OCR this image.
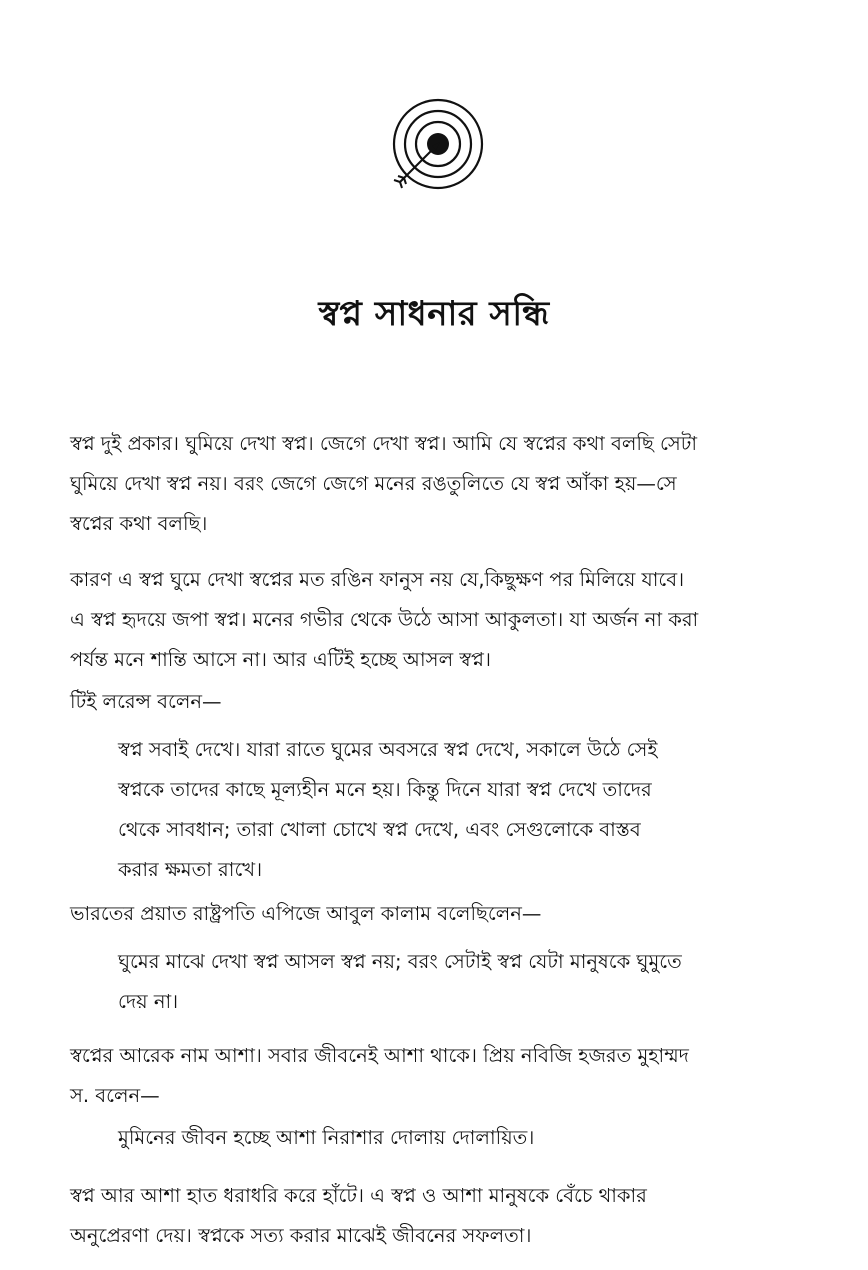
স্বপ্ন সাধনার সন্ধি

স্বপ্ন দুই প্রকার। ঘুমিয়ে দেখা স্বপ্ন। জেগে দেখা স্বপ্ন। আমি যে স্বপ্নের কথা বলছি সেটা
ঘুমিয়ে দেখা স্বপ্ন নয়। বরং জেগে জেগে মনের রঙতুলিতে যে স্বপ্ন আঁকা হয়—সে
স্বপ্নের কথা বলছি।

কারণ এ স্বপ্ন ঘুমে দেখা স্বপ্নের মত রঙিন ফানুস নয় যে,কিছুক্ষণ পর মিলিয়ে যাবে।
এ স্বপ্ন হৃদয়ে জপা স্বপ্ন। মনের গভীর থেকে উঠে আসা আকুলতা। যা অর্জন না করা
পর্যন্ত মনে শান্তি আসে না। আর এটিই হচ্ছে আসল স্বপ্ন।

টিই লরেন্স বলেন—

স্বপ্ন সবাই দেখে। যারা রাতে ঘুমের অবসরে স্বপ্ন দেখে, সকালে উঠে সেই
স্বপ্নকে তাদের কাছে মূল্যহীন মনে হয়। কিন্তু দিনে যারা স্বপ্ন দেখে তাদের
থেকে সাবধান; তারা খোলা চোখে স্বপ্ন দেখে, এবং সেগুলোকে বাস্তব
করার ক্ষমতা রাখে।

ভারতের প্রয়াত রাষ্ট্রপতি এপিজে আবুল কালাম বলেছিলেন—

ঘুমের মাঝে দেখা স্বপ্ন আসল স্বপ্ন নয়; বরং সেটাই স্বপ্ন যেটা মানুষকে ঘুমুতে
দেয় না।

স্বপ্নের আরেক নাম আশা। সবার জীবনেই আশা থাকে। প্রিয় নবিজি হজরত মুহাম্মদ
স. বলেন—

মুমিনের জীবন হচ্ছে আশা নিরাশার দোলায় দোলায়িত।

স্বপ্ন আর আশা হাত ধরাধরি করে হাঁটে। এ স্বপ্ন ও আশা মানুষকে বেঁচে থাকার
অনুপ্রেরণা দেয়। স্বপ্নকে সত্য করার মাঝেই জীবনের সফলতা।
